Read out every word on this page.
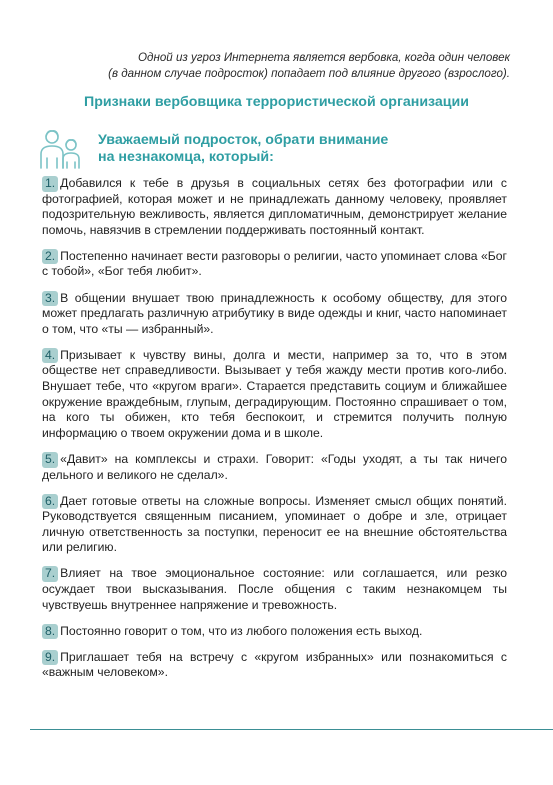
Одной из угроз Интернета является вербовка, когда один человек
(в данном случае подросток) попадает под влияние другого (взрослого).
Признаки вербовщика террористической организации
Уважаемый подросток, обрати внимание
на незнакомца, который:

1. Добавился к тебе в друзья в социальных сетях без фотографии или с фотографией, которая может и не принадлежать данному человеку, проявляет подозрительную вежливость, является дипломатичным, демонстрирует желание помочь, навязчив в стремлении поддерживать постоянный контакт.

2. Постепенно начинает вести разговоры о религии, часто упоминает слова «Бог с тобой», «Бог тебя любит».

3. В общении внушает твою принадлежность к особому обществу, для этого может предлагать различную атрибутику в виде одежды и книг, часто напоминает о том, что «ты — избранный».

4. Призывает к чувству вины, долга и мести, например за то, что в этом обществе нет справедливости. Вызывает у тебя жажду мести против кого-либо. Внушает тебе, что «кругом враги». Старается представить социум и ближайшее окружение враждебным, глупым, деградирующим. Постоянно спрашивает о том, на кого ты обижен, кто тебя беспокоит, и стремится получить полную информацию о твоем окружении дома и в школе.

5. «Давит» на комплексы и страхи. Говорит: «Годы уходят, а ты так ничего дельного и великого не сделал».

6. Дает готовые ответы на сложные вопросы. Изменяет смысл общих понятий. Руководствуется священным писанием, упоминает о добре и зле, отрицает личную ответственность за поступки, переносит ее на внешние обстоятельства или религию.

7. Влияет на твое эмоциональное состояние: или соглашается, или резко осуждает твои высказывания. После общения с таким незнакомцем ты чувствуешь внутреннее напряжение и тревожность.

8. Постоянно говорит о том, что из любого положения есть выход.

9. Приглашает тебя на встречу с «кругом избранных» или познакомиться с «важным человеком».
